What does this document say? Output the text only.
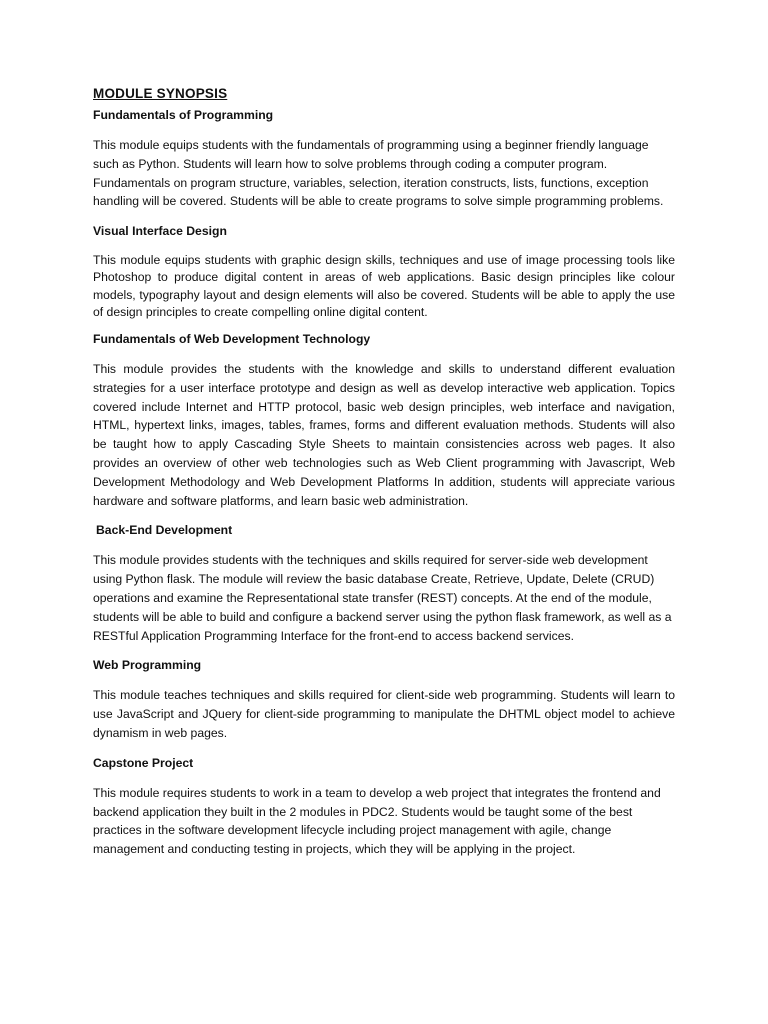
MODULE SYNOPSIS
Fundamentals of Programming

This module equips students with the fundamentals of programming using a beginner friendly language such as Python. Students will learn how to solve problems through coding a computer program. Fundamentals on program structure, variables, selection, iteration constructs, lists, functions, exception handling will be covered. Students will be able to create programs to solve simple programming problems.

Visual Interface Design

This module equips students with graphic design skills, techniques and use of image processing tools like Photoshop to produce digital content in areas of web applications. Basic design principles like colour models, typography layout and design elements will also be covered. Students will be able to apply the use of design principles to create compelling online digital content.

Fundamentals of Web Development Technology

This module provides the students with the knowledge and skills to understand different evaluation strategies for a user interface prototype and design as well as develop interactive web application. Topics covered include Internet and HTTP protocol, basic web design principles, web interface and navigation, HTML, hypertext links, images, tables, frames, forms and different evaluation methods. Students will also be taught how to apply Cascading Style Sheets to maintain consistencies across web pages. It also provides an overview of other web technologies such as Web Client programming with Javascript, Web Development Methodology and Web Development Platforms In addition, students will appreciate various hardware and software platforms, and learn basic web administration.

Back-End Development

This module provides students with the techniques and skills required for server-side web development using Python flask. The module will review the basic database Create, Retrieve, Update, Delete (CRUD) operations and examine the Representational state transfer (REST) concepts. At the end of the module, students will be able to build and configure a backend server using the python flask framework, as well as a RESTful Application Programming Interface for the front-end to access backend services.

Web Programming

This module teaches techniques and skills required for client-side web programming. Students will learn to use JavaScript and JQuery for client-side programming to manipulate the DHTML object model to achieve dynamism in web pages.

Capstone Project

This module requires students to work in a team to develop a web project that integrates the frontend and backend application they built in the 2 modules in PDC2. Students would be taught some of the best practices in the software development lifecycle including project management with agile, change management and conducting testing in projects, which they will be applying in the project.
